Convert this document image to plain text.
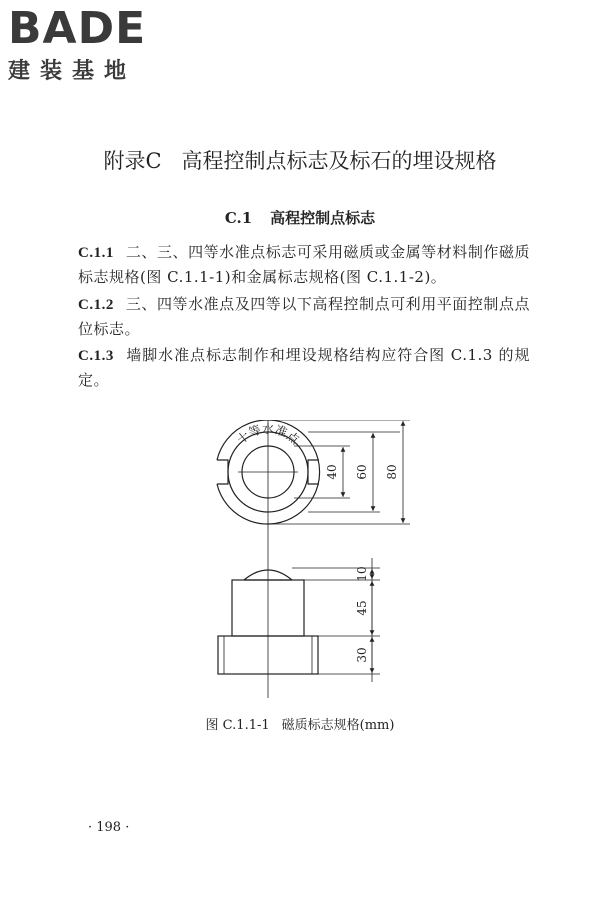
BADE
建装基地
附录C 高程控制点标志及标石的埋设规格
C.1 高程控制点标志
C.1.1 二、三、四等水准点标志可采用磁质或金属等材料制作磁质标志规格(图 C.1.1-1)和金属标志规格(图 C.1.1-2)。
C.1.2 三、四等水准点及四等以下高程控制点可利用平面控制点点位标志。
C.1.3 墙脚水准点标志制作和埋设规格结构应符合图 C.1.3 的规定。
十等水准点
40 60 80
10
45
30
图 C.1.1-1 磁质标志规格(mm)
· 198 ·
